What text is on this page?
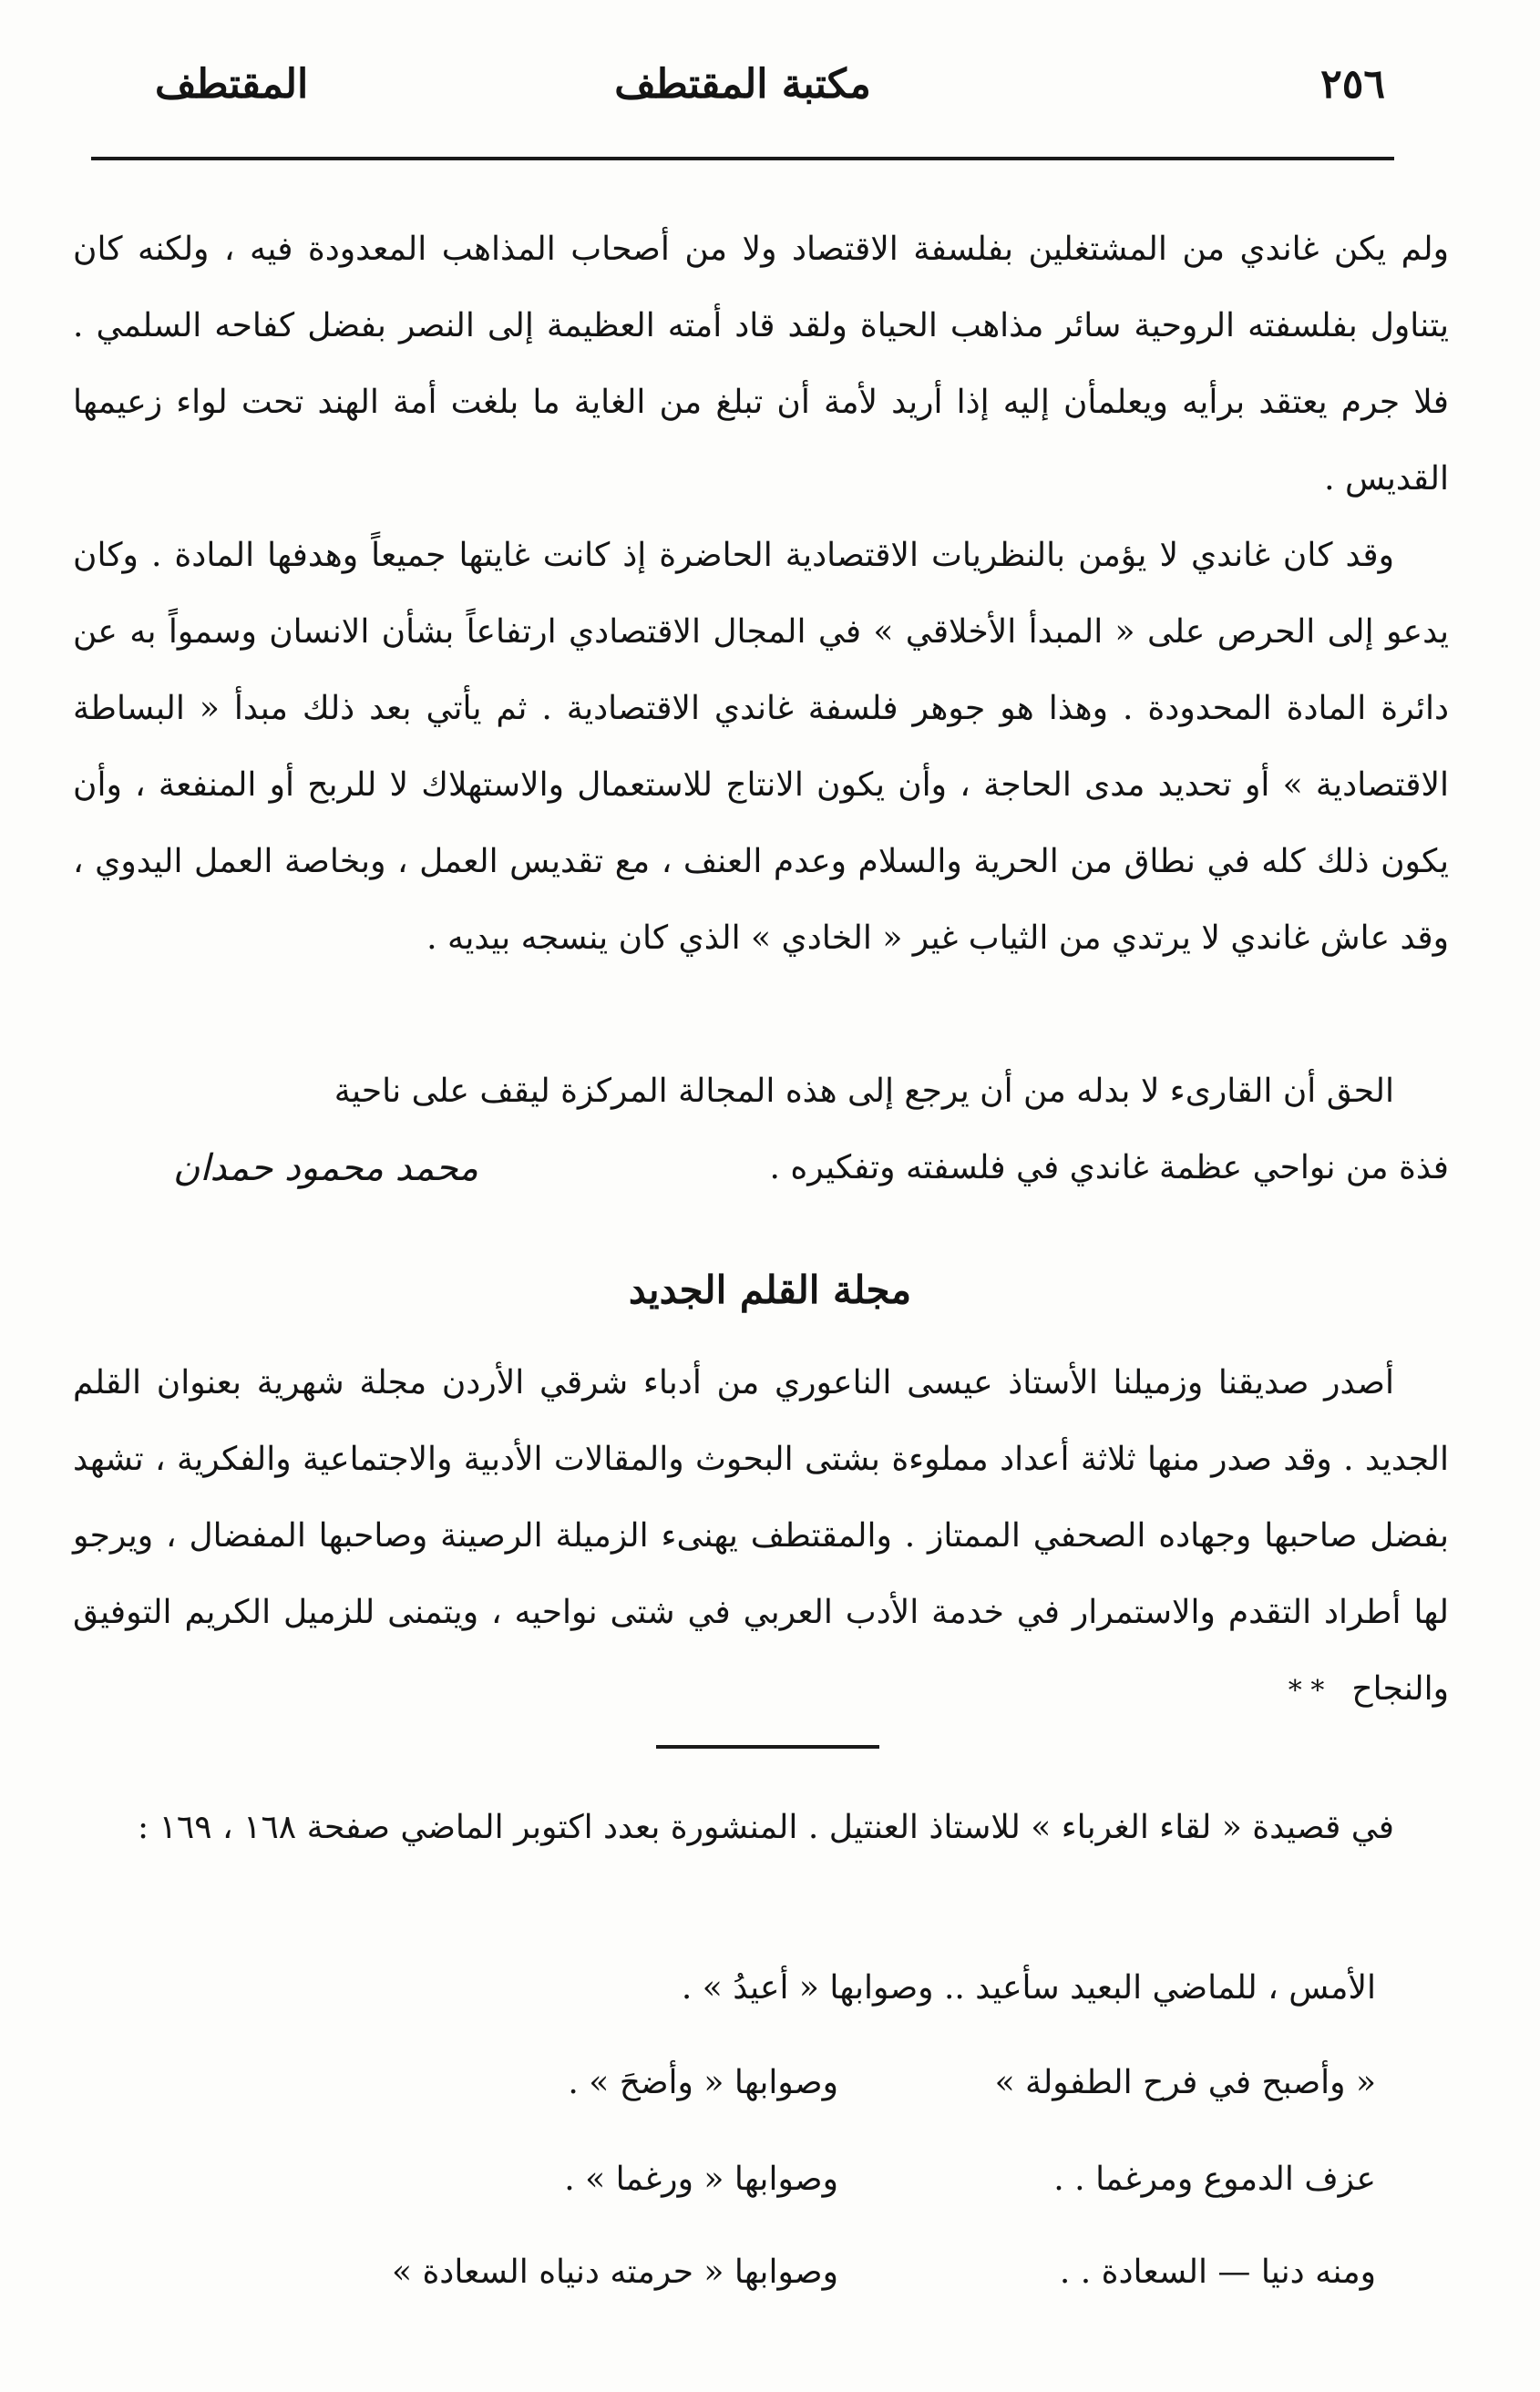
٢٥٦
مكتبة المقتطف
المقتطف
ولم يكن غاندي من المشتغلين بفلسفة الاقتصاد ولا من أصحاب المذاهب المعدودة فيه ، ولكنه كان يتناول بفلسفته الروحية سائر مذاهب الحياة ولقد قاد أمته العظيمة إلى النصر بفضل كفاحه السلمي . فلا جرم يعتقد برأيه ويعلمأن إليه إذا أريد لأمة أن تبلغ من الغاية ما بلغت أمة الهند تحت لواء زعيمها القديس .
وقد كان غاندي لا يؤمن بالنظريات الاقتصادية الحاضرة إذ كانت غايتها جميعاً وهدفها المادة . وكان يدعو إلى الحرص على « المبدأ الأخلاقي » في المجال الاقتصادي ارتفاعاً بشأن الانسان وسمواً به عن دائرة المادة المحدودة . وهذا هو جوهر فلسفة غاندي الاقتصادية . ثم يأتي بعد ذلك مبدأ « البساطة الاقتصادية » أو تحديد مدى الحاجة ، وأن يكون الانتاج للاستعمال والاستهلاك لا للربح أو المنفعة ، وأن يكون ذلك كله في نطاق من الحرية والسلام وعدم العنف ، مع تقديس العمل ، وبخاصة العمل اليدوي ، وقد عاش غاندي لا يرتدي من الثياب غير « الخادي » الذي كان ينسجه بيديه .
الحق أن القارىء لا بدله من أن يرجع إلى هذه المجالة المركزة ليقف على ناحية
فذة من نواحي عظمة غاندي في فلسفته وتفكيره .
محمد محمود حمدان
مجلة القلم الجديد
أصدر صديقنا وزميلنا الأستاذ عيسى الناعوري من أدباء شرقي الأردن مجلة شهرية بعنوان القلم الجديد . وقد صدر منها ثلاثة أعداد مملوءة بشتى البحوث والمقالات الأدبية والاجتماعية والفكرية ، تشهد بفضل صاحبها وجهاده الصحفي الممتاز . والمقتطف يهنىء الزميلة الرصينة وصاحبها المفضال ، ويرجو لها أطراد التقدم والاستمرار في خدمة الأدب العربي في شتى نواحيه ، ويتمنى للزميل الكريم التوفيق والنجاح* *
في قصيدة « لقاء الغرباء » للاستاذ العنتيل . المنشورة بعدد اكتوبر الماضي صفحة ١٦٨ ، ١٦٩ :
الأمس ، للماضي البعيد سأعيد .. وصوابها « أعيدُ » .
« وأصبح في فرح الطفولة »
وصوابها « وأضحَ » .
عزف الدموع ومرغما . .
وصوابها « ورغما » .
ومنه دنيا — السعادة . .
وصوابها « حرمته دنياه السعادة »
